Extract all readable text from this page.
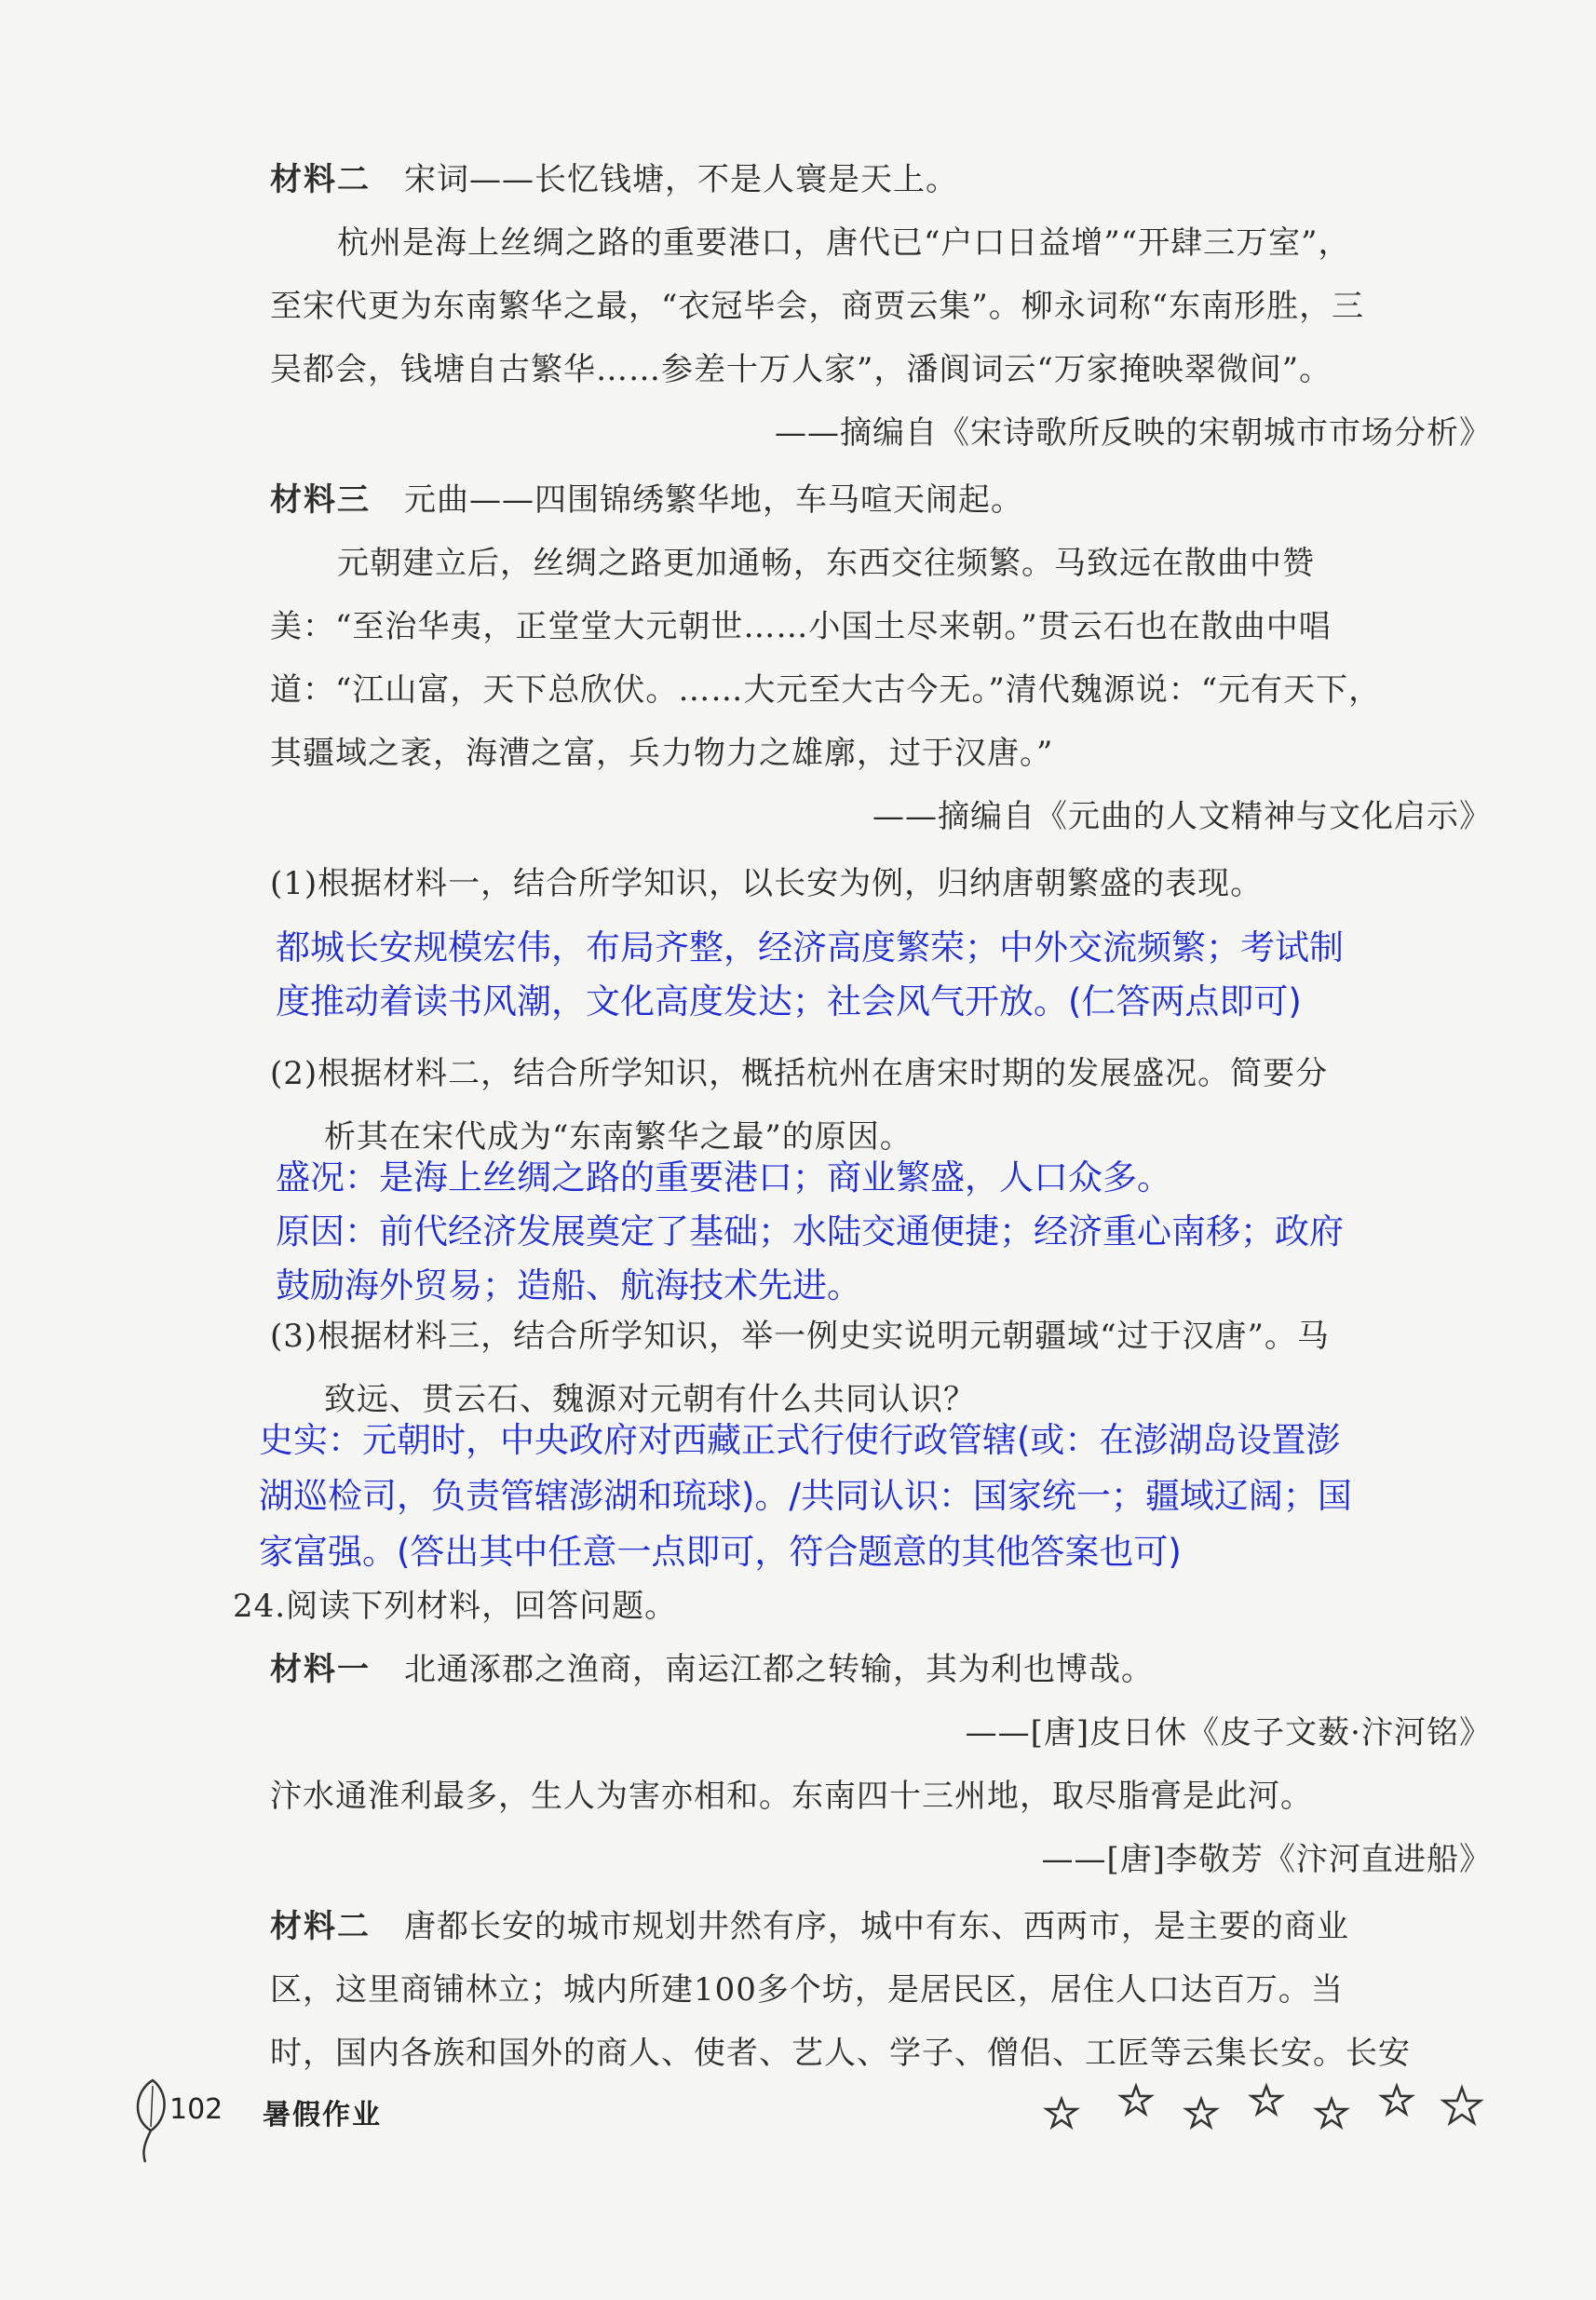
材料二 宋词——长忆钱塘，不是人寰是天上。
杭州是海上丝绸之路的重要港口，唐代已“户口日益增”“开肆三万室”，
至宋代更为东南繁华之最，“衣冠毕会，商贾云集”。柳永词称“东南形胜，三
吴都会，钱塘自古繁华……参差十万人家”，潘阆词云“万家掩映翠微间”。
——摘编自《宋诗歌所反映的宋朝城市市场分析》
材料三 元曲——四围锦绣繁华地，车马喧天闹起。
元朝建立后，丝绸之路更加通畅，东西交往频繁。马致远在散曲中赞
美：“至治华夷，正堂堂大元朝世……小国土尽来朝。”贯云石也在散曲中唱
道：“江山富，天下总欣伏。……大元至大古今无。”清代魏源说：“元有天下，
其疆域之袤，海漕之富，兵力物力之雄廓，过于汉唐。”
——摘编自《元曲的人文精神与文化启示》
(1)根据材料一，结合所学知识，以长安为例，归纳唐朝繁盛的表现。
都城长安规模宏伟，布局齐整，经济高度繁荣；中外交流频繁；考试制
度推动着读书风潮，文化高度发达；社会风气开放。(仁答两点即可)
(2)根据材料二，结合所学知识，概括杭州在唐宋时期的发展盛况。简要分
析其在宋代成为“东南繁华之最”的原因。
盛况：是海上丝绸之路的重要港口；商业繁盛，人口众多。
原因：前代经济发展奠定了基础；水陆交通便捷；经济重心南移；政府
鼓励海外贸易；造船、航海技术先进。
(3)根据材料三，结合所学知识，举一例史实说明元朝疆域“过于汉唐”。马
致远、贯云石、魏源对元朝有什么共同认识？
史实：元朝时，中央政府对西藏正式行使行政管辖(或：在澎湖岛设置澎
湖巡检司，负责管辖澎湖和琉球)。/共同认识：国家统一；疆域辽阔；国
家富强。(答出其中任意一点即可，符合题意的其他答案也可)
24.阅读下列材料，回答问题。
材料一 北通涿郡之渔商，南运江都之转输，其为利也博哉。
——[唐]皮日休《皮子文薮·汴河铭》
汴水通淮利最多，生人为害亦相和。东南四十三州地，取尽脂膏是此河。
——[唐]李敬芳《汴河直进船》
材料二 唐都长安的城市规划井然有序，城中有东、西两市，是主要的商业
区，这里商铺林立；城内所建100多个坊，是居民区，居住人口达百万。当
时，国内各族和国外的商人、使者、艺人、学子、僧侣、工匠等云集长安。长安
102 暑假作业
